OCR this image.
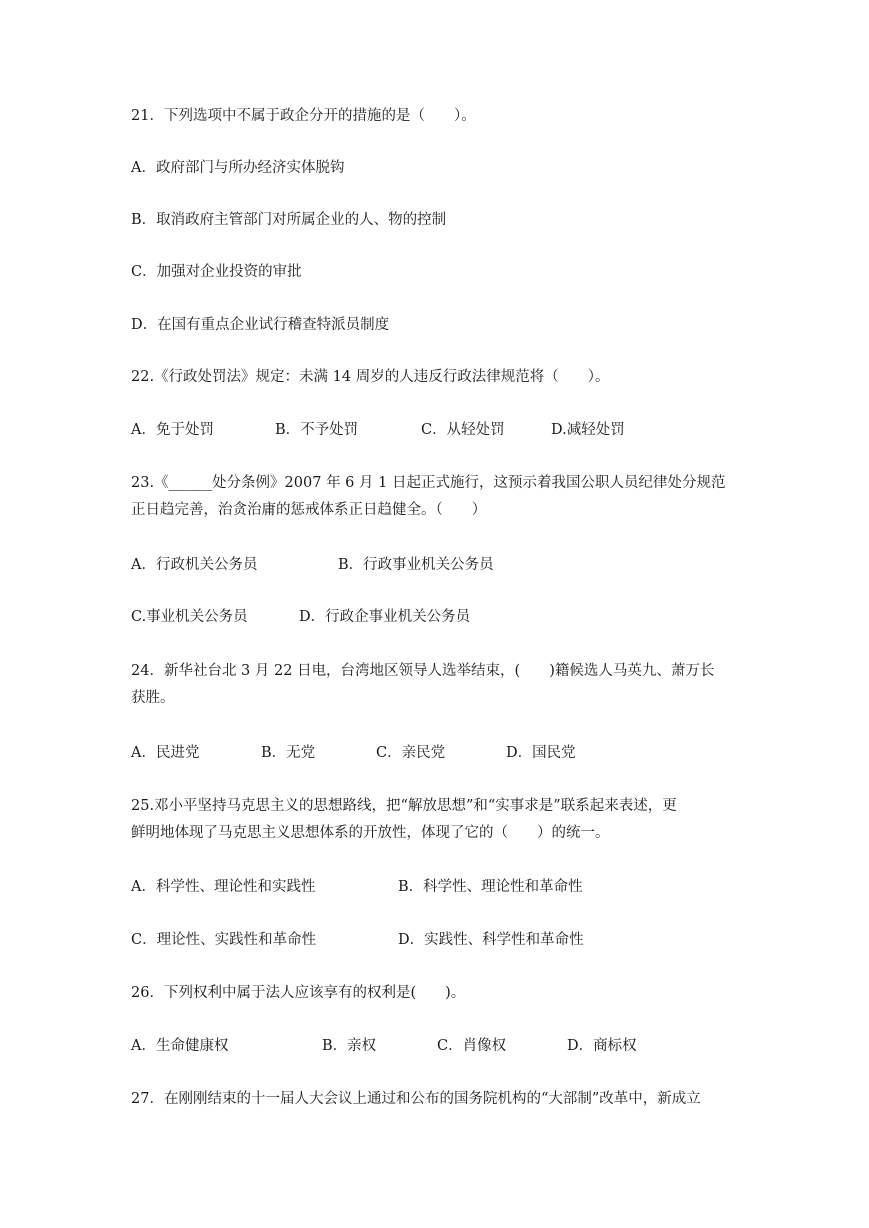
21．下列选项中不属于政企分开的措施的是（　　）。
A．政府部门与所办经济实体脱钩
B．取消政府主管部门对所属企业的人、物的控制
C．加强对企业投资的审批
D．在国有重点企业试行稽查特派员制度
22.《行政处罚法》规定：未满 14 周岁的人违反行政法律规范将（　　）。
A．免于处罚	B．不予处罚	C．从轻处罚	D.减轻处罚
23.《______处分条例》2007 年 6 月 1 日起正式施行，这预示着我国公职人员纪律处分规范
正日趋完善，治贪治庸的惩戒体系正日趋健全。（　　）
A．行政机关公务员	B．行政事业机关公务员
C.事业机关公务员	D．行政企事业机关公务员
24．新华社台北 3 月 22 日电，台湾地区领导人选举结束，(　　)籍候选人马英九、萧万长
获胜。
A．民进党	B．无党	C．亲民党	D．国民党
25.邓小平坚持马克思主义的思想路线，把“解放思想”和“实事求是”联系起来表述，更
鲜明地体现了马克思主义思想体系的开放性，体现了它的（　　）的统一。
A．科学性、理论性和实践性	B．科学性、理论性和革命性
C．理论性、实践性和革命性	D．实践性、科学性和革命性
26．下列权利中属于法人应该享有的权利是(　　)。
A．生命健康权	B．亲权	C．肖像权	D．商标权
27．在刚刚结束的十一届人大会议上通过和公布的国务院机构的“大部制”改革中，新成立
